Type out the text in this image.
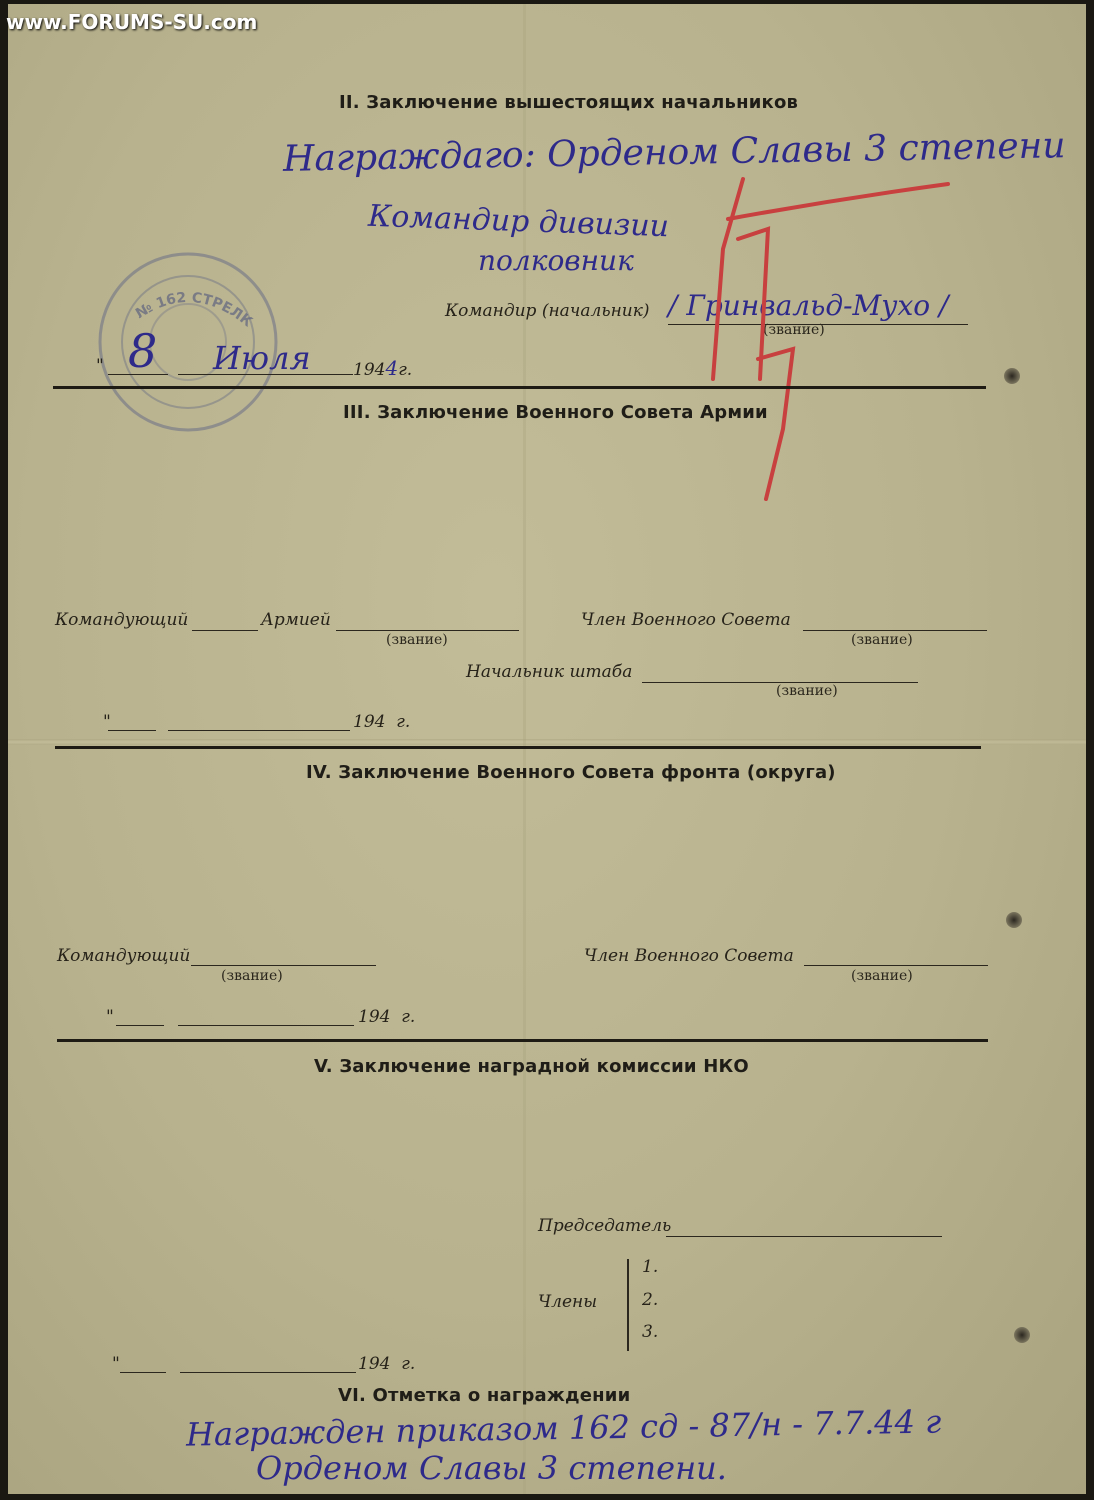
II. Заключение вышестоящих начальников
Награждаго: Орденом Славы 3 степени
Командир дивизии
полковник
№ 162 СТРЕЛК	Командир (начальник) / Гринвальд-Мухо /
(звание)
" 8 Июля 1944г.
III. Заключение Военного Совета Армии
Командующий	Армией
(звание)
Член Военного Совета
(звание)
Начальник штаба
(звание)
"	194 г.
IV. Заключение Военного Совета фронта (округа)
Командующий
(звание)
Член Военного Совета
(звание)
"	194 г.
V. Заключение наградной комиссии НКО
Председатель
Члены
1.
2.
3.
"	194 г.
VI. Отметка о награждении
Награжден приказом 162 сд - 87/н - 7.7.44 г
Орденом Славы 3 степени.
www.FORUMS-SU.com
